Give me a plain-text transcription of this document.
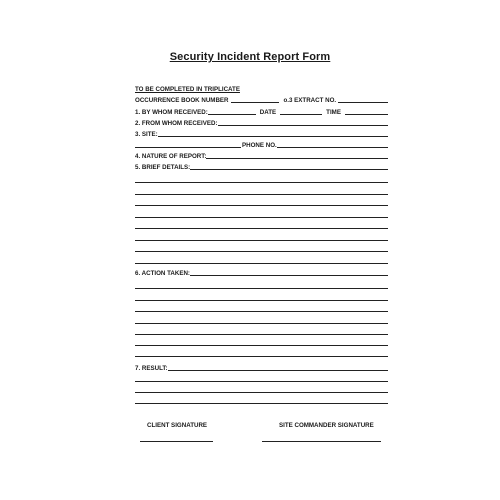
Security Incident Report Form
TO BE COMPLETED IN TRIPLICATE
OCCURRENCE BOOK NUMBER	o.3 EXTRACT NO.
1. BY WHOM RECEIVED:	DATE	TIME
2. FROM WHOM RECEIVED:
3. SITE:
PHONE NO.
4. NATURE OF REPORT:
5. BRIEF DETAILS:
6. ACTION TAKEN:
7. RESULT:
CLIENT SIGNATURE	SITE COMMANDER SIGNATURE
